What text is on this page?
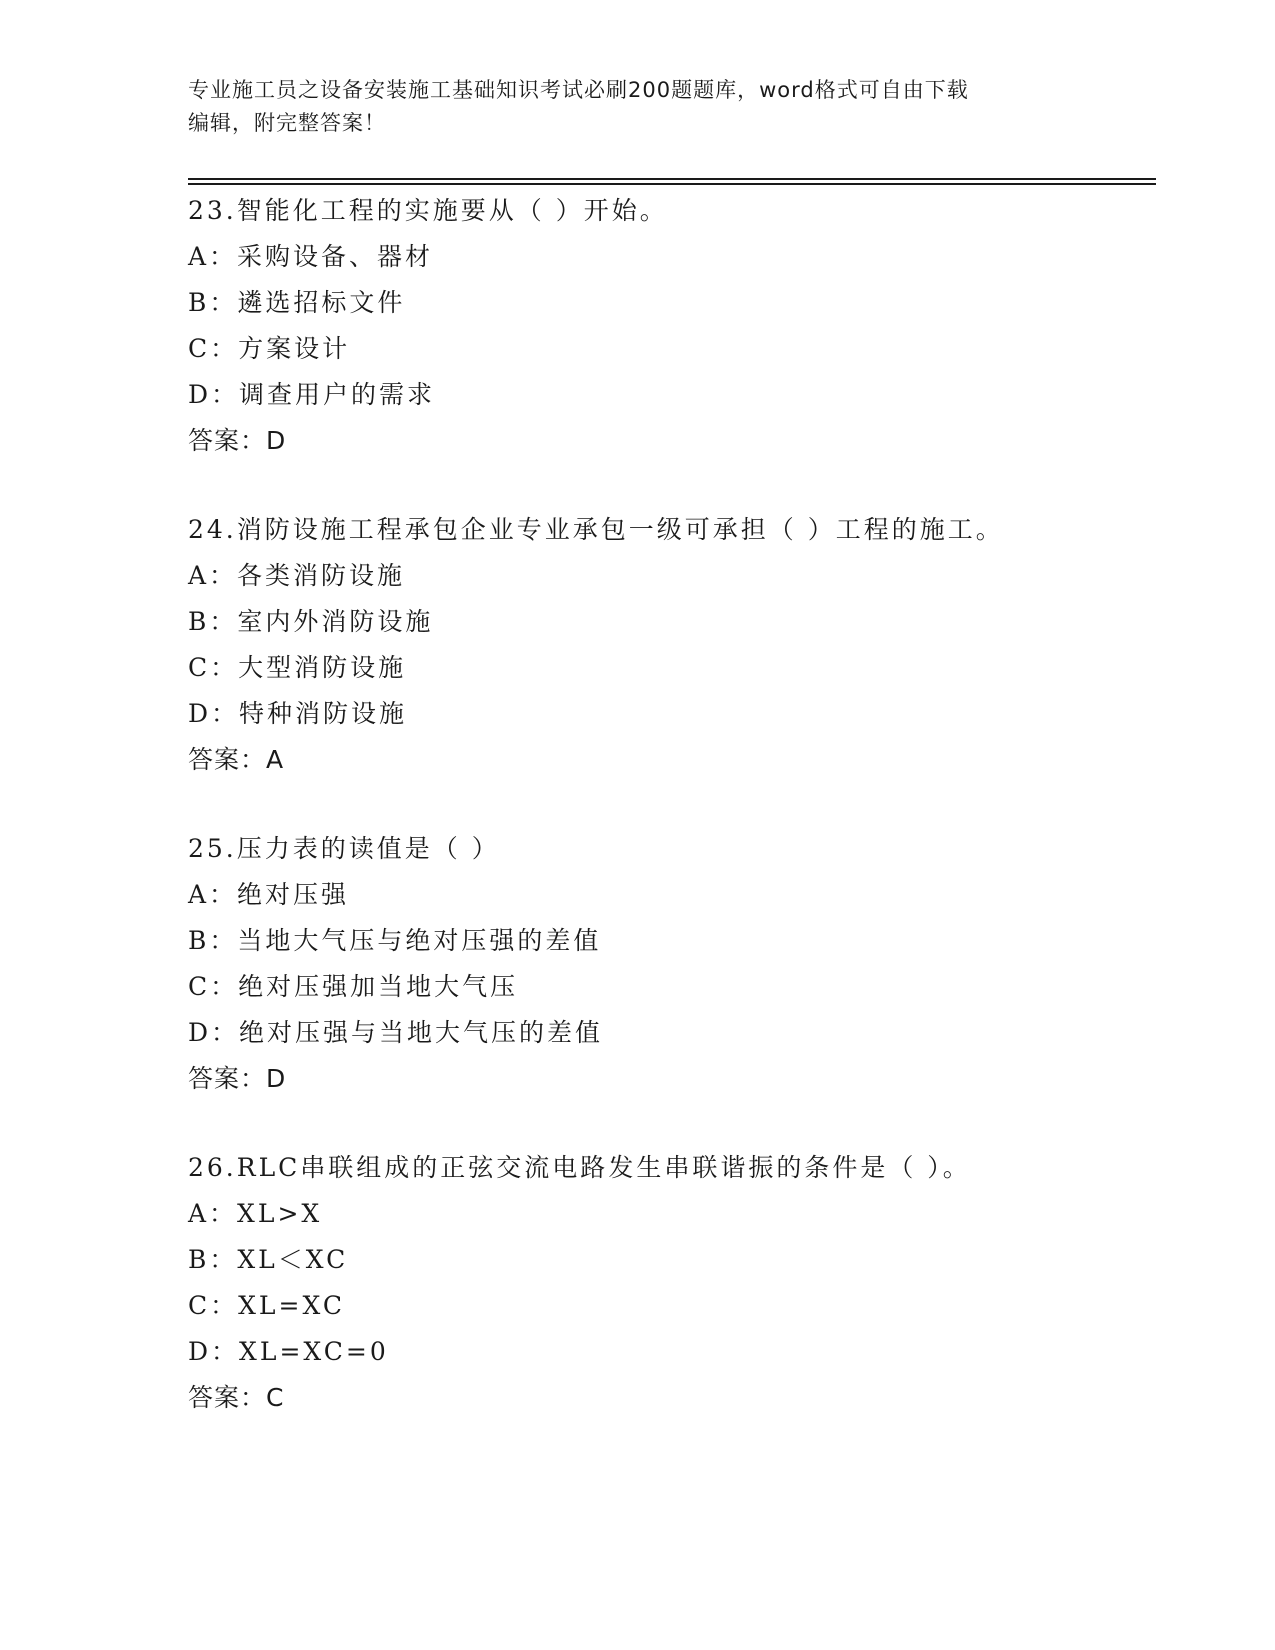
专业施工员之设备安装施工基础知识考试必刷200题题库，word格式可自由下载
编辑，附完整答案！
23.智能化工程的实施要从（ ）开始。
A：采购设备、器材
B：遴选招标文件
C：方案设计
D：调查用户的需求
答案：D
24.消防设施工程承包企业专业承包一级可承担（ ）工程的施工。
A：各类消防设施
B：室内外消防设施
C：大型消防设施
D：特种消防设施
答案：A
25.压力表的读值是（ ）
A：绝对压强
B：当地大气压与绝对压强的差值
C：绝对压强加当地大气压
D：绝对压强与当地大气压的差值
答案：D
26.RLC串联组成的正弦交流电路发生串联谐振的条件是（ ）。
A：XL>X
B：XL＜XC
C：XL=XC
D：XL=XC=0
答案：C
